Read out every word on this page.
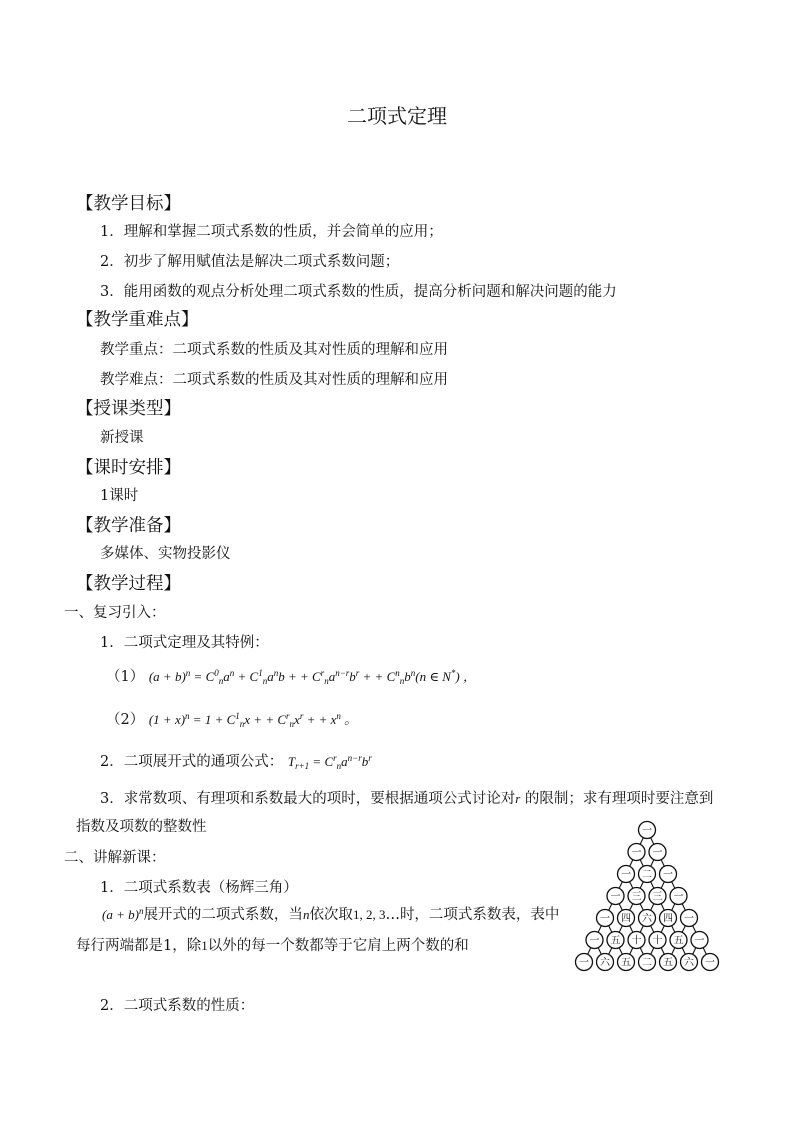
二项式定理
【教学目标】
1．理解和掌握二项式系数的性质，并会简单的应用；
2．初步了解用赋值法是解决二项式系数问题；
3．能用函数的观点分析处理二项式系数的性质，提高分析问题和解决问题的能力
【教学重难点】
教学重点：二项式系数的性质及其对性质的理解和应用
教学难点：二项式系数的性质及其对性质的理解和应用
【授课类型】
新授课
【课时安排】
1课时
【教学准备】
多媒体、实物投影仪
【教学过程】
一、复习引入：
1．二项式定理及其特例：
（1） $(a + b)^n = C^0_na^n + C^1_na^nb$ + + $C^r_na^{n-r}b^r$ + + $C^n_nb^n(n$ ∈ N*) ，
（2） $(1 + x)^n = 1 + C^1_nx$ + + $C^r_nx^r$ + + $x^n$ 。
2．二项展开式的通项公式： $T_{r+1} = C^r_na^{n-r}b^r$
3．求常数项、有理项和系数最大的项时，要根据通项公式讨论对r 的限制；求有理项时要注意到指数及项数的整数性
二、讲解新课：
1．二项式系数表（杨辉三角）
$(a + b)^n$展开式的二项式系数，当n依次取1, 2, 3…时，二项式系数表，表中每行两端都是1，除1以外的每一个数都等于它肩上两个数的和
2．二项式系数的性质：
一
一 一
一 二 一
一 三 三 一
一 四 六 四 一
一 五 十 十 五 一
一 六 五 二 五 六 一
